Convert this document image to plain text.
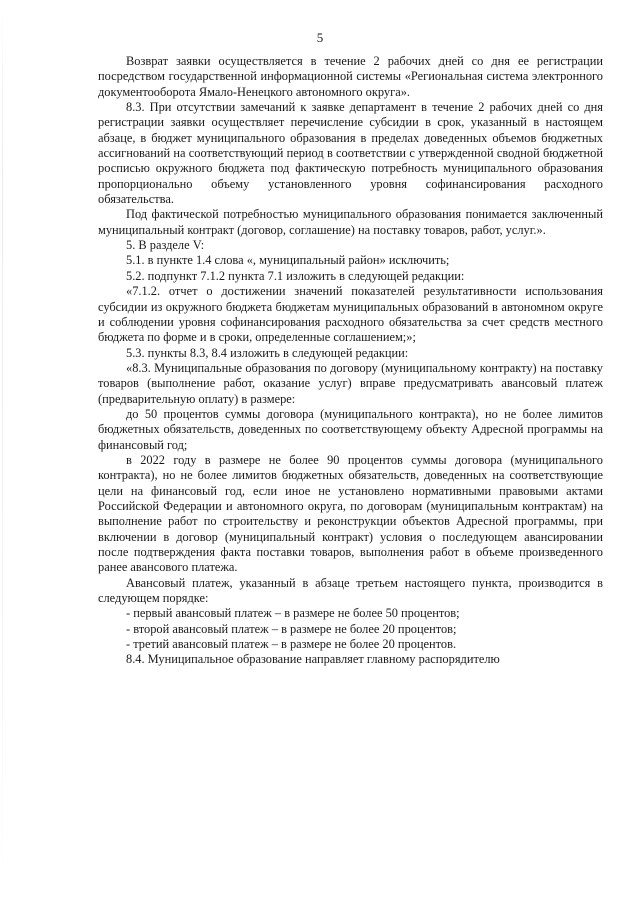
5

Возврат заявки осуществляется в течение 2 рабочих дней со дня ее регистрации посредством государственной информационной системы «Региональная система электронного документооборота Ямало-Ненецкого автономного округа».

8.3. При отсутствии замечаний к заявке департамент в течение 2 рабочих дней со дня регистрации заявки осуществляет перечисление субсидии в срок, указанный в настоящем абзаце, в бюджет муниципального образования в пределах доведенных объемов бюджетных ассигнований на соответствующий период в соответствии с утвержденной сводной бюджетной росписью окружного бюджета под фактическую потребность муниципального образования пропорционально объему установленного уровня софинансирования расходного обязательства.

Под фактической потребностью муниципального образования понимается заключенный муниципальный контракт (договор, соглашение) на поставку товаров, работ, услуг.».

5. В разделе V:

5.1. в пункте 1.4 слова «, муниципальный район» исключить;

5.2. подпункт 7.1.2 пункта 7.1 изложить в следующей редакции:

«7.1.2. отчет о достижении значений показателей результативности использования субсидии из окружного бюджета бюджетам муниципальных образований в автономном округе и соблюдении уровня софинансирования расходного обязательства за счет средств местного бюджета по форме и в сроки, определенные соглашением;»;

5.3. пункты 8.3, 8.4 изложить в следующей редакции:

«8.3. Муниципальные образования по договору (муниципальному контракту) на поставку товаров (выполнение работ, оказание услуг) вправе предусматривать авансовый платеж (предварительную оплату) в размере:

до 50 процентов суммы договора (муниципального контракта), но не более лимитов бюджетных обязательств, доведенных по соответствующему объекту Адресной программы на финансовый год;

в 2022 году в размере не более 90 процентов суммы договора (муниципального контракта), но не более лимитов бюджетных обязательств, доведенных на соответствующие цели на финансовый год, если иное не установлено нормативными правовыми актами Российской Федерации и автономного округа, по договорам (муниципальным контрактам) на выполнение работ по строительству и реконструкции объектов Адресной программы, при включении в договор (муниципальный контракт) условия о последующем авансировании после подтверждения факта поставки товаров, выполнения работ в объеме произведенного ранее авансового платежа.

Авансовый платеж, указанный в абзаце третьем настоящего пункта, производится в следующем порядке:

- первый авансовый платеж – в размере не более 50 процентов;

- второй авансовый платеж – в размере не более 20 процентов;

- третий авансовый платеж – в размере не более 20 процентов.

8.4. Муниципальное образование направляет главному распорядителю
